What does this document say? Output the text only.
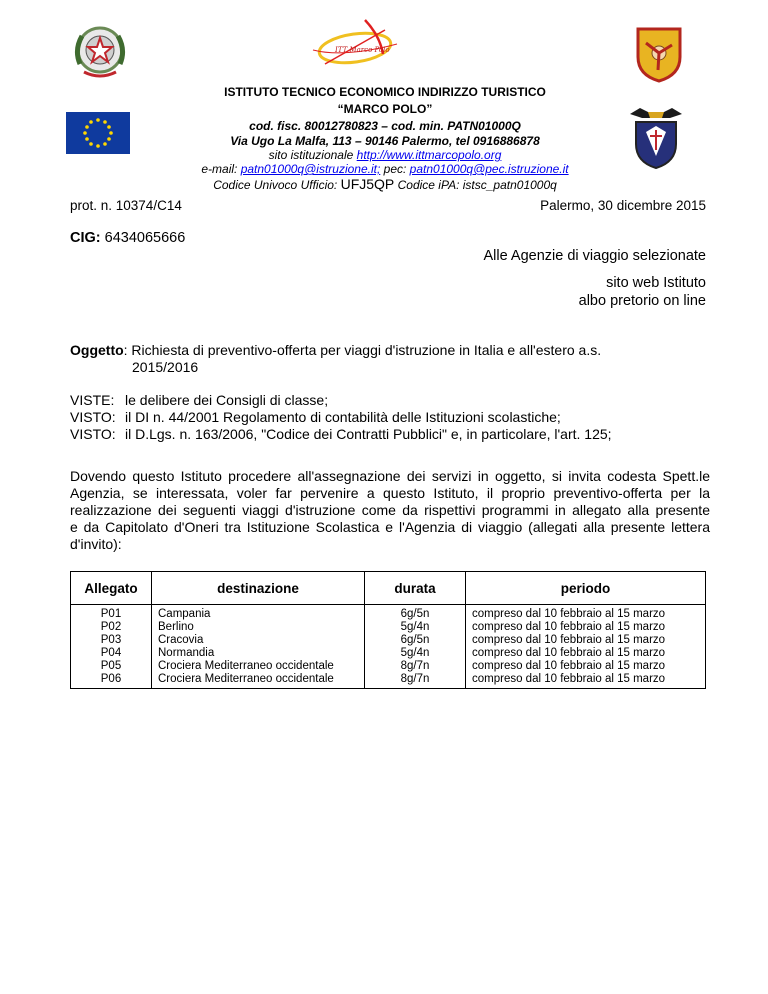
ITT Marco Polo
ISTITUTO TECNICO ECONOMICO INDIRIZZO TURISTICO
“MARCO POLO”
cod. fisc. 80012780823 – cod. min. PATN01000Q
Via Ugo La Malfa, 113 – 90146 Palermo, tel 0916886878
sito istituzionale http://www.ittmarcopolo.org
e-mail: patn01000q@istruzione.it; pec: patn01000q@pec.istruzione.it
Codice Univoco Ufficio: UFJ5QP Codice iPA: istsc_patn01000q
prot. n. 10374/C14	Palermo, 30 dicembre 2015
CIG: 6434065666
Alle Agenzie di viaggio selezionate
sito web Istituto
albo pretorio on line
Oggetto: Richiesta di preventivo-offerta per viaggi d'istruzione in Italia e all'estero a.s.
2015/2016
VISTE: le delibere dei Consigli di classe;
VISTO: il DI n. 44/2001 Regolamento di contabilità delle Istituzioni scolastiche;
VISTO: il D.Lgs. n. 163/2006, "Codice dei Contratti Pubblici" e, in particolare, l'art. 125;
Dovendo questo Istituto procedere all'assegnazione dei servizi in oggetto, si invita codesta Spett.le
Agenzia, se interessata, voler far pervenire a questo Istituto, il proprio preventivo-offerta per la
realizzazione dei seguenti viaggi d'istruzione come da rispettivi programmi in allegato alla presente
e da Capitolato d'Oneri tra Istituzione Scolastica e l'Agenzia di viaggio (allegati alla presente lettera
d'invito):
Allegato	destinazione	durata	periodo
P01	Campania	6g/5n	compreso dal 10 febbraio al 15 marzo
P02	Berlino	5g/4n	compreso dal 10 febbraio al 15 marzo
P03	Cracovia	6g/5n	compreso dal 10 febbraio al 15 marzo
P04	Normandia	5g/4n	compreso dal 10 febbraio al 15 marzo
P05	Crociera Mediterraneo occidentale	8g/7n	compreso dal 10 febbraio al 15 marzo
P06	Crociera Mediterraneo occidentale	8g/7n	compreso dal 10 febbraio al 15 marzo
